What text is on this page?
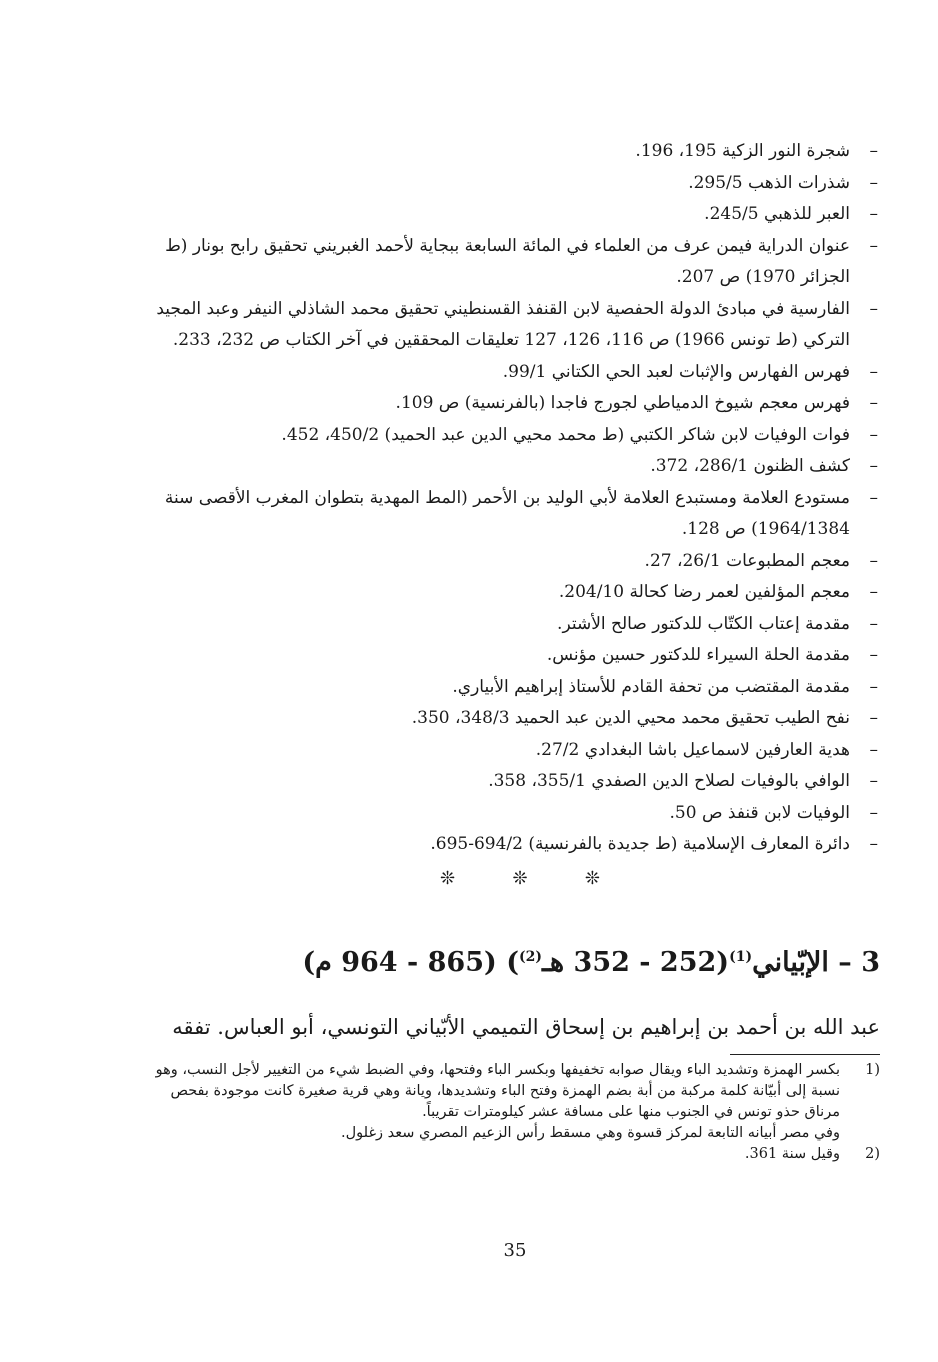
–
شجرة النور الزكية 195، 196.
–
شذرات الذهب 295/5.
–
العبر للذهبي 245/5.
–
عنوان الدراية فيمن عرف من العلماء في المائة السابعة ببجاية لأحمد الغبريني تحقيق رابح بونار (ط الجزائر 1970) ص 207.
–
الفارسية في مبادئ الدولة الحفصية لابن القنفذ القسنطيني تحقيق محمد الشاذلي النيفر وعبد المجيد التركي (ط تونس 1966) ص 116، 126، 127 تعليقات المحققين في آخر الكتاب ص 232، 233.
–
فهرس الفهارس والإثبات لعبد الحي الكتاني 99/1.
–
فهرس معجم شيوخ الدمياطي لجورج فاجدا (بالفرنسية) ص 109.
–
فوات الوفيات لابن شاكر الكتبي (ط محمد محيي الدين عبد الحميد) 450/2، 452.
–
كشف الظنون 286/1، 372.
–
مستودع العلامة ومستبدع العلامة لأبي الوليد بن الأحمر (المط المهدية بتطوان المغرب الأقصى سنة 1964/1384) ص 128.
–
معجم المطبوعات 26/1، 27.
–
معجم المؤلفين لعمر رضا كحالة 204/10.
–
مقدمة إعتاب الكتّاب للدكتور صالح الأشتر.
–
مقدمة الحلة السيراء للدكتور حسين مؤنس.
–
مقدمة المقتضب من تحفة القادم للأستاذ إبراهيم الأبياري.
–
نفح الطيب تحقيق محمد محيي الدين عبد الحميد 348/3، 350.
–
هدية العارفين لاسماعيل باشا البغدادي 27/2.
–
الوافي بالوفيات لصلاح الدين الصفدي 355/1، 358.
–
الوفيات لابن قنفذ ص 50.
–
دائرة المعارف الإسلامية (ط جديدة بالفرنسية) 694/2-695.
❊	❊	❊
3 – الإبّياني$^{(1)}$(252 - 352 هـ$^{(2)}$) (865 - 964 م)
عبد الله بن أحمد بن إبراهيم بن إسحاق التميمي الأبّياني التونسي، أبو العباس. تفقه
1)

بكسر الهمزة وتشديد الباء ويقال صوابه تخفيفها وبكسر الباء وفتحها، وفي الضبط شيء من التغيير لأجل النسب، وهو نسبة إلى أبيّانة كلمة مركبة من أبة بضم الهمزة وفتح الباء وتشديدها، ويانة وهي قرية صغيرة كانت موجودة بفحص مرناق حذو تونس في الجنوب منها على مسافة عشر كيلومترات تقريباً.

وفي مصر أبيانه التابعة لمركز قسوة وهي مسقط رأس الزعيم المصري سعد زغلول.

2)

وقيل سنة 361.

35
